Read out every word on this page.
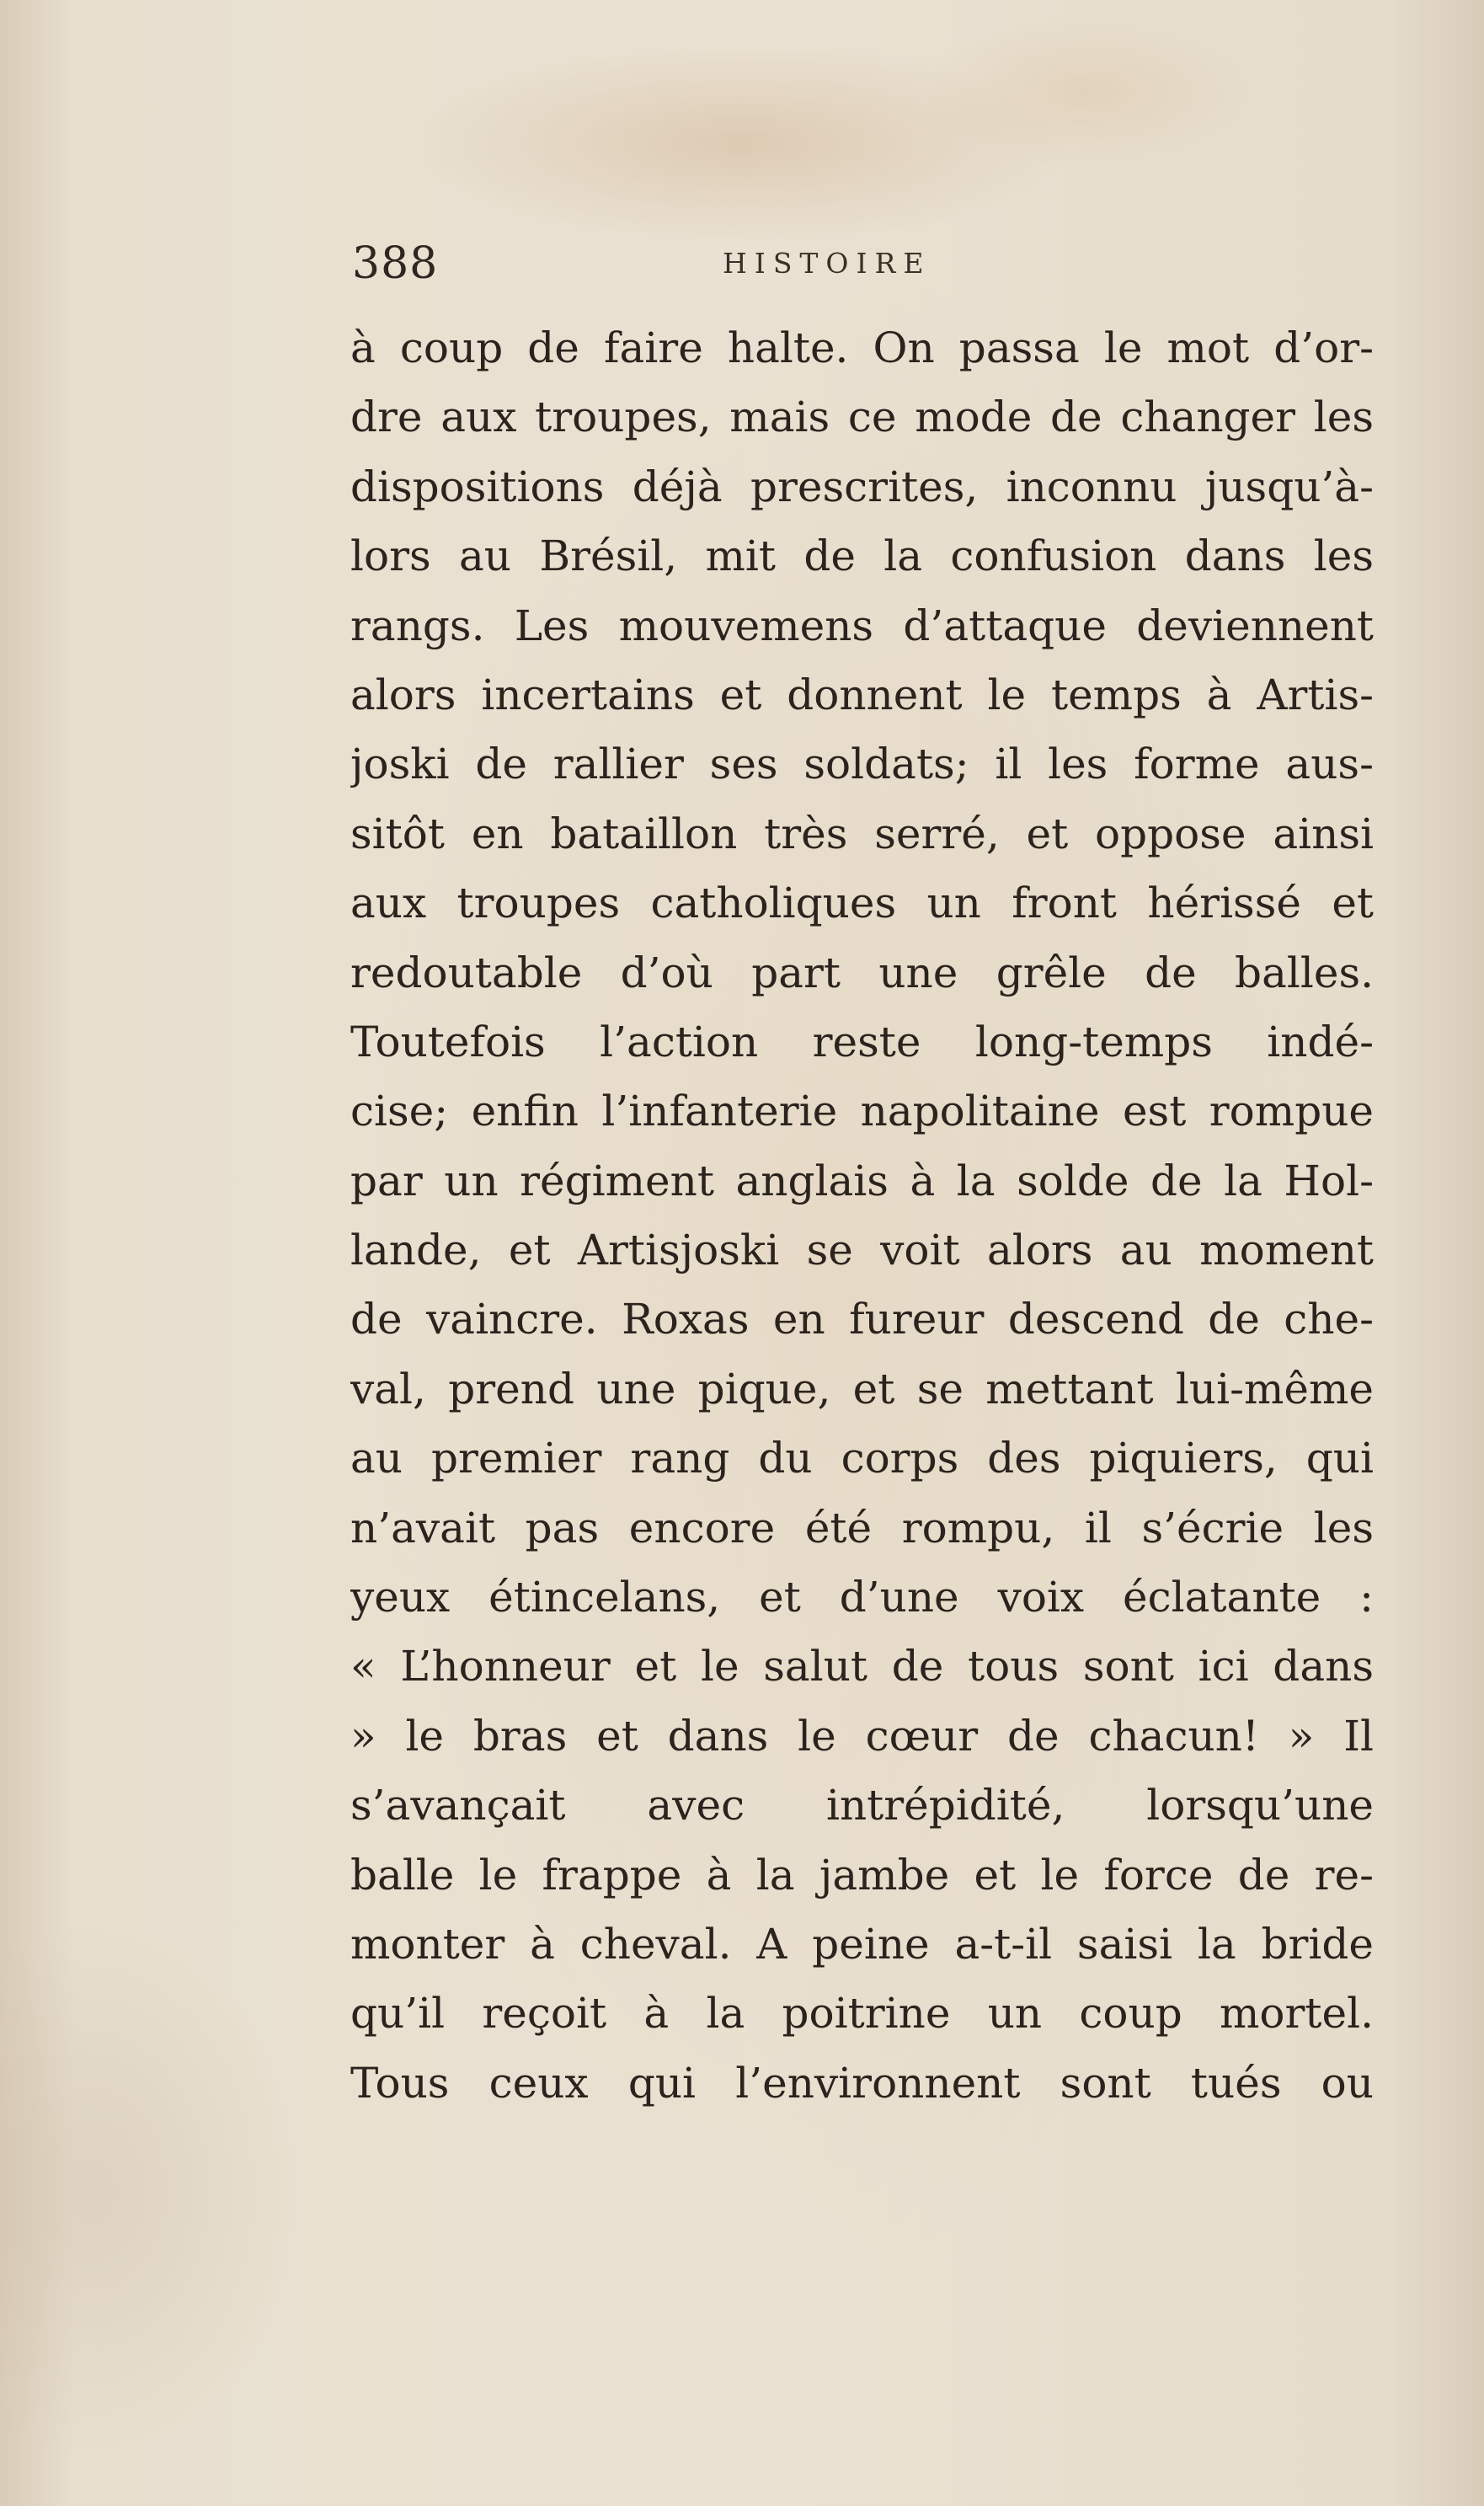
388	HISTOIRE
à coup de faire halte. On passa le mot d’or-
dre aux troupes, mais ce mode de changer les
dispositions déjà prescrites, inconnu jusqu’à-
lors au Brésil, mit de la confusion dans les
rangs. Les mouvemens d’attaque deviennent
alors incertains et donnent le temps à Artis-
joski de rallier ses soldats; il les forme aus-
sitôt en bataillon très serré, et oppose ainsi
aux troupes catholiques un front hérissé et
redoutable d’où part une grêle de balles.
Toutefois l’action reste long-temps indé-
cise; enfin l’infanterie napolitaine est rompue
par un régiment anglais à la solde de la Hol-
lande, et Artisjoski se voit alors au moment
de vaincre. Roxas en fureur descend de che-
val, prend une pique, et se mettant lui-même
au premier rang du corps des piquiers, qui
n’avait pas encore été rompu, il s’écrie les
yeux étincelans, et d’une voix éclatante :
« L’honneur et le salut de tous sont ici dans
» le bras et dans le cœur de chacun! » Il
s’avançait avec intrépidité, lorsqu’une
balle le frappe à la jambe et le force de re-
monter à cheval. A peine a-t-il saisi la bride
qu’il reçoit à la poitrine un coup mortel.
Tous ceux qui l’environnent sont tués ou
